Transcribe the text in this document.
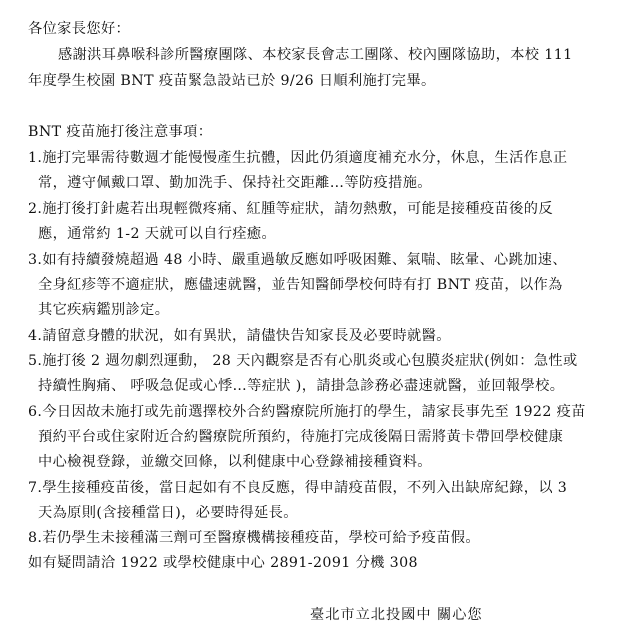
各位家長您好：
感謝洪耳鼻喉科診所醫療團隊、本校家長會志工團隊、校內團隊協助，本校 111
年度學生校園 BNT 疫苗緊急設站已於 9/26 日順利施打完畢。
BNT 疫苗施打後注意事項：
1.施打完畢需待數週才能慢慢產生抗體，因此仍須適度補充水分，休息，生活作息正
常，遵守佩戴口罩、勤加洗手、保持社交距離…等防疫措施。
2.施打後打針處若出現輕微疼痛、紅腫等症狀，請勿熱敷，可能是接種疫苗後的反
應，通常約 1-2 天就可以自行痊癒。
3.如有持續發燒超過 48 小時、嚴重過敏反應如呼吸困難、氣喘、眩暈、心跳加速、
全身紅疹等不適症狀，應儘速就醫，並告知醫師學校何時有打 BNT 疫苗，以作為
其它疾病鑑別診定。
4.請留意身體的狀況，如有異狀，請儘快告知家長及必要時就醫。
5.施打後 2 週勿劇烈運動， 28 天內觀察是否有心肌炎或心包膜炎症狀(例如：急性或
持續性胸痛、 呼吸急促或心悸…等症狀 )，請掛急診務必盡速就醫，並回報學校。
6.今日因故未施打或先前選擇校外合約醫療院所施打的學生，請家長事先至 1922 疫苗
預約平台或住家附近合約醫療院所預約，待施打完成後隔日需將黃卡帶回學校健康
中心檢視登錄，並繳交回條，以利健康中心登錄補接種資料。
7.學生接種疫苗後，當日起如有不良反應，得申請疫苗假，不列入出缺席紀錄，以 3
天為原則(含接種當日)，必要時得延長。
8.若仍學生未接種滿三劑可至醫療機構接種疫苗，學校可給予疫苗假。
如有疑問請洽 1922 或學校健康中心 2891-2091 分機 308
臺北市立北投國中 關心您
